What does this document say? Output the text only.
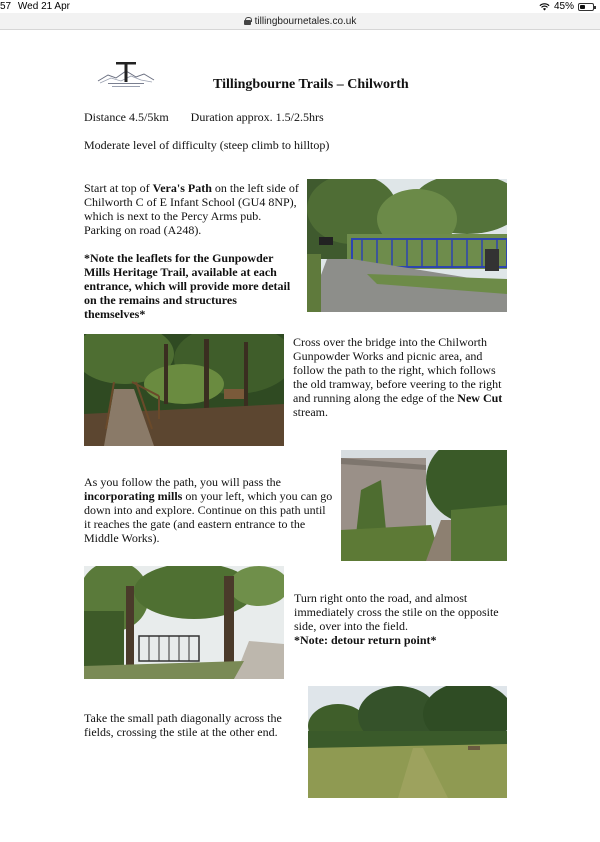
57 Wed 21 Apr	45%
tillingbournetales.co.uk
Tillingbourne Trails – Chilworth
Distance 4.5/5km Duration approx. 1.5/2.5hrs
Moderate level of difficulty (steep climb to hilltop)
Start at top of Vera's Path on the left side of Chilworth C of E Infant School (GU4 8NP), which is next to the Percy Arms pub. Parking on road (A248).
*Note the leaflets for the Gunpowder Mills Heritage Trail, available at each entrance, which will provide more detail on the remains and structures themselves*
Cross over the bridge into the Chilworth Gunpowder Works and picnic area, and follow the path to the right, which follows the old tramway, before veering to the right and running along the edge of the New Cut stream.
As you follow the path, you will pass the incorporating mills on your left, which you can go down into and explore. Continue on this path until it reaches the gate (and eastern entrance to the Middle Works).
Turn right onto the road, and almost immediately cross the stile on the opposite side, over into the field.
*Note: detour return point*
Take the small path diagonally across the fields, crossing the stile at the other end.
